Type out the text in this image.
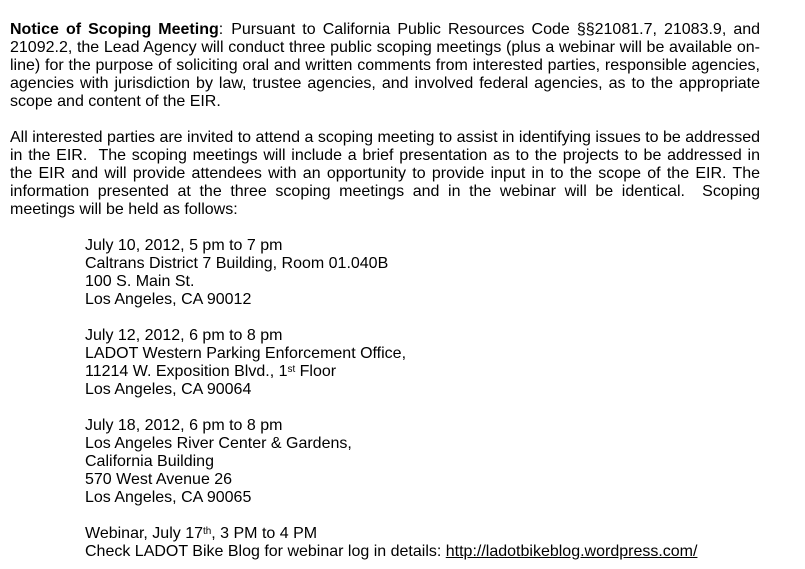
Notice of Scoping Meeting: Pursuant to California Public Resources Code §§21081.7, 21083.9, and 21092.2, the Lead Agency will conduct three public scoping meetings (plus a webinar will be available on-line) for the purpose of soliciting oral and written comments from interested parties, responsible agencies, agencies with jurisdiction by law, trustee agencies, and involved federal agencies, as to the appropriate scope and content of the EIR.

All interested parties are invited to attend a scoping meeting to assist in identifying issues to be addressed in the EIR.  The scoping meetings will include a brief presentation as to the projects to be addressed in the EIR and will provide attendees with an opportunity to provide input in to the scope of the EIR. The information presented at the three scoping meetings and in the webinar will be identical.  Scoping meetings will be held as follows:

July 10, 2012, 5 pm to 7 pm
Caltrans District 7 Building, Room 01.040B
100 S. Main St.
Los Angeles, CA 90012
July 12, 2012, 6 pm to 8 pm
LADOT Western Parking Enforcement Office,
11214 W. Exposition Blvd., 1st Floor
Los Angeles, CA 90064
July 18, 2012, 6 pm to 8 pm
Los Angeles River Center & Gardens,
California Building
570 West Avenue 26
Los Angeles, CA 90065
Webinar, July 17th, 3 PM to 4 PM
Check LADOT Bike Blog for webinar log in details: http://ladotbikeblog.wordpress.com/
